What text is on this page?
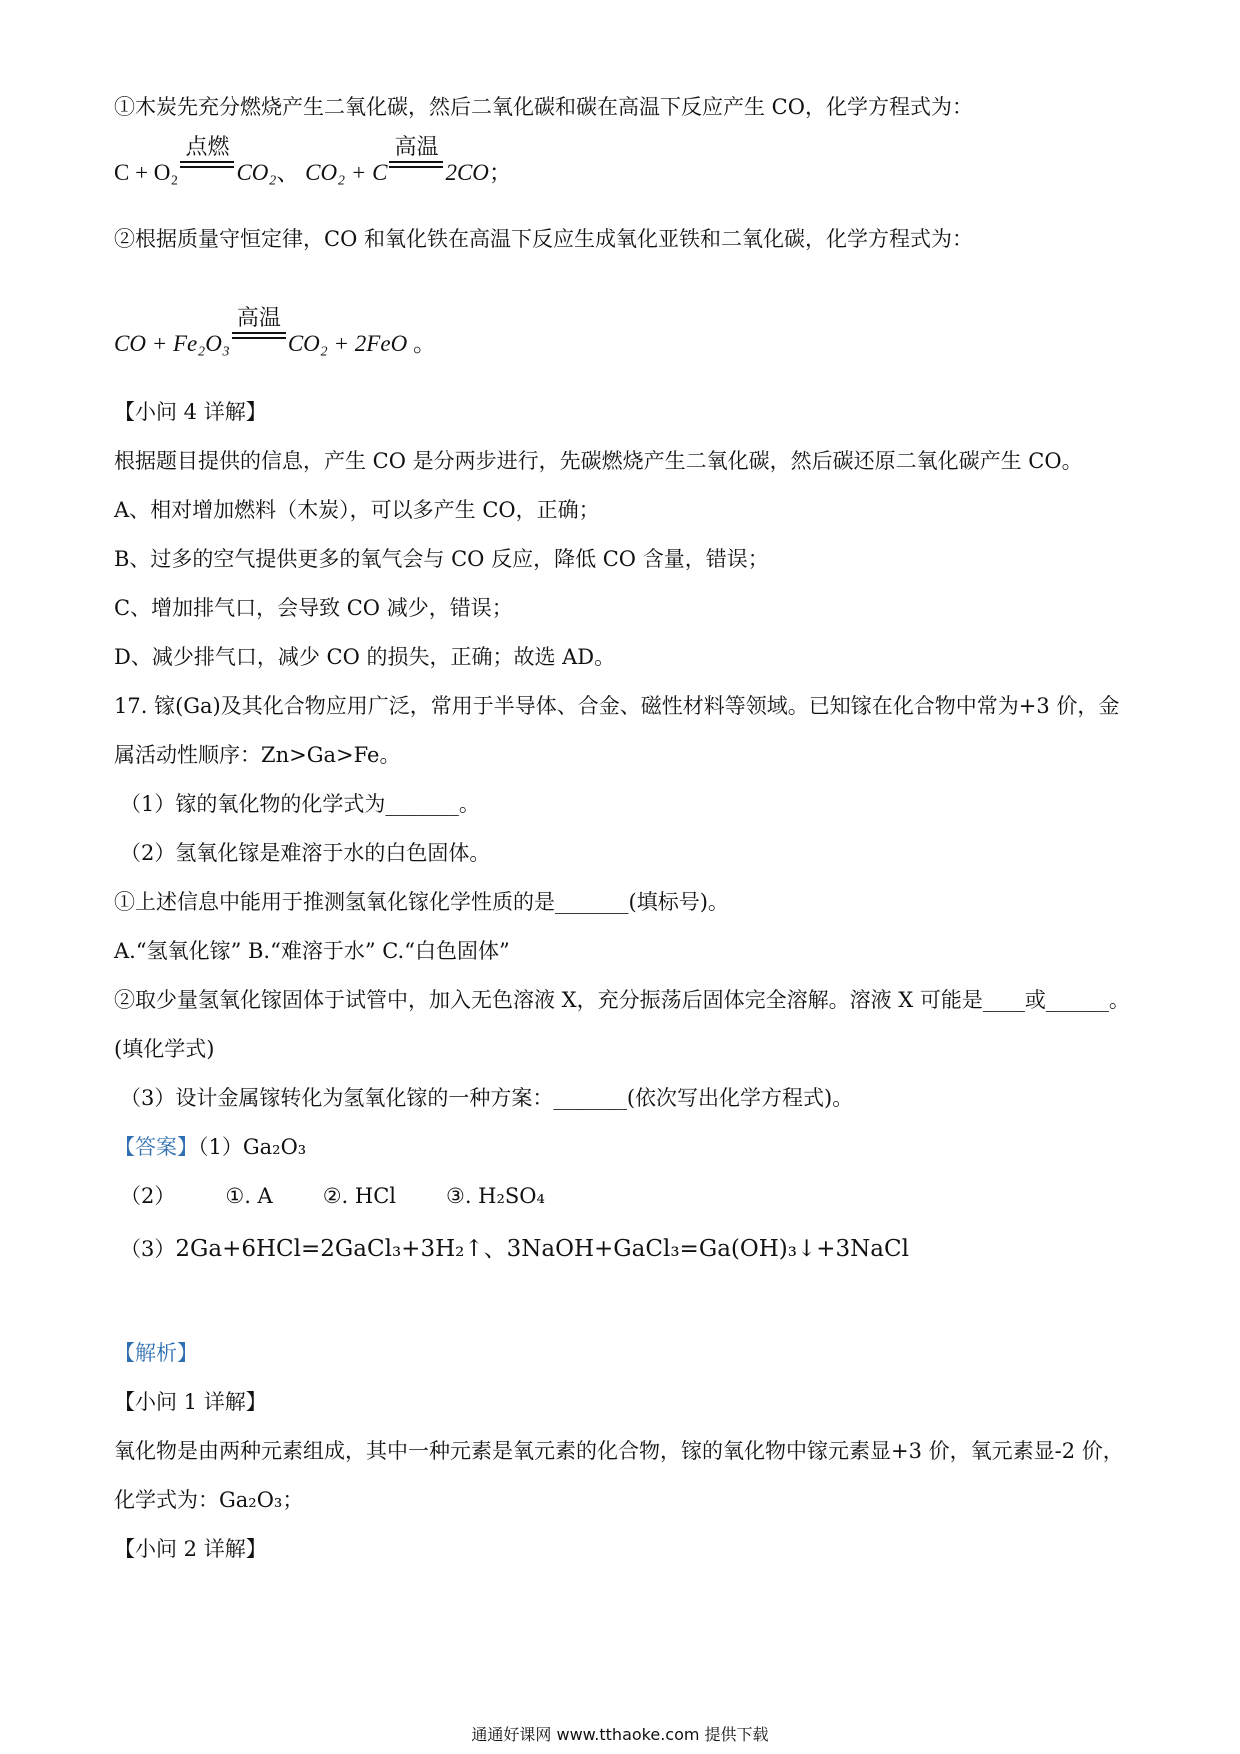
①木炭先充分燃烧产生二氧化碳，然后二氧化碳和碳在高温下反应产生 CO，化学方程式为：
C + O₂
点燃
CO₂、 CO₂ + C
高温
2CO；
②根据质量守恒定律，CO 和氧化铁在高温下反应生成氧化亚铁和二氧化碳，化学方程式为：
CO + Fe₂O₃
高温
CO₂ + 2FeO 。
【小问 4 详解】
根据题目提供的信息，产生 CO 是分两步进行，先碳燃烧产生二氧化碳，然后碳还原二氧化碳产生 CO。
A、相对增加燃料（木炭），可以多产生 CO，正确；
B、过多的空气提供更多的氧气会与 CO 反应，降低 CO 含量，错误；
C、增加排气口，会导致 CO 减少，错误；
D、减少排气口，减少 CO 的损失，正确；故选 AD。
17. 镓(Ga)及其化合物应用广泛，常用于半导体、合金、磁性材料等领域。已知镓在化合物中常为+3 价，金
属活动性顺序：Zn>Ga>Fe。
（1）镓的氧化物的化学式为_______。
（2）氢氧化镓是难溶于水的白色固体。
①上述信息中能用于推测氢氧化镓化学性质的是_______(填标号)。
A.“氢氧化镓” B.“难溶于水” C.“白色固体”
②取少量氢氧化镓固体于试管中，加入无色溶液 X，充分振荡后固体完全溶解。溶液 X 可能是____或______。
(填化学式)
（3）设计金属镓转化为氢氧化镓的一种方案：_______(依次写出化学方程式)。
【答案】（1）Ga₂O₃
（2） ①. A ②. HCl ③. H₂SO₄
（3）2Ga+6HCl=2GaCl₃+3H₂↑、3NaOH+GaCl₃=Ga(OH)₃↓+3NaCl
【解析】
【小问 1 详解】
氧化物是由两种元素组成，其中一种元素是氧元素的化合物，镓的氧化物中镓元素显+3 价，氧元素显-2 价，
化学式为：Ga₂O₃；
【小问 2 详解】
通通好课网 www.tthaoke.com 提供下载
